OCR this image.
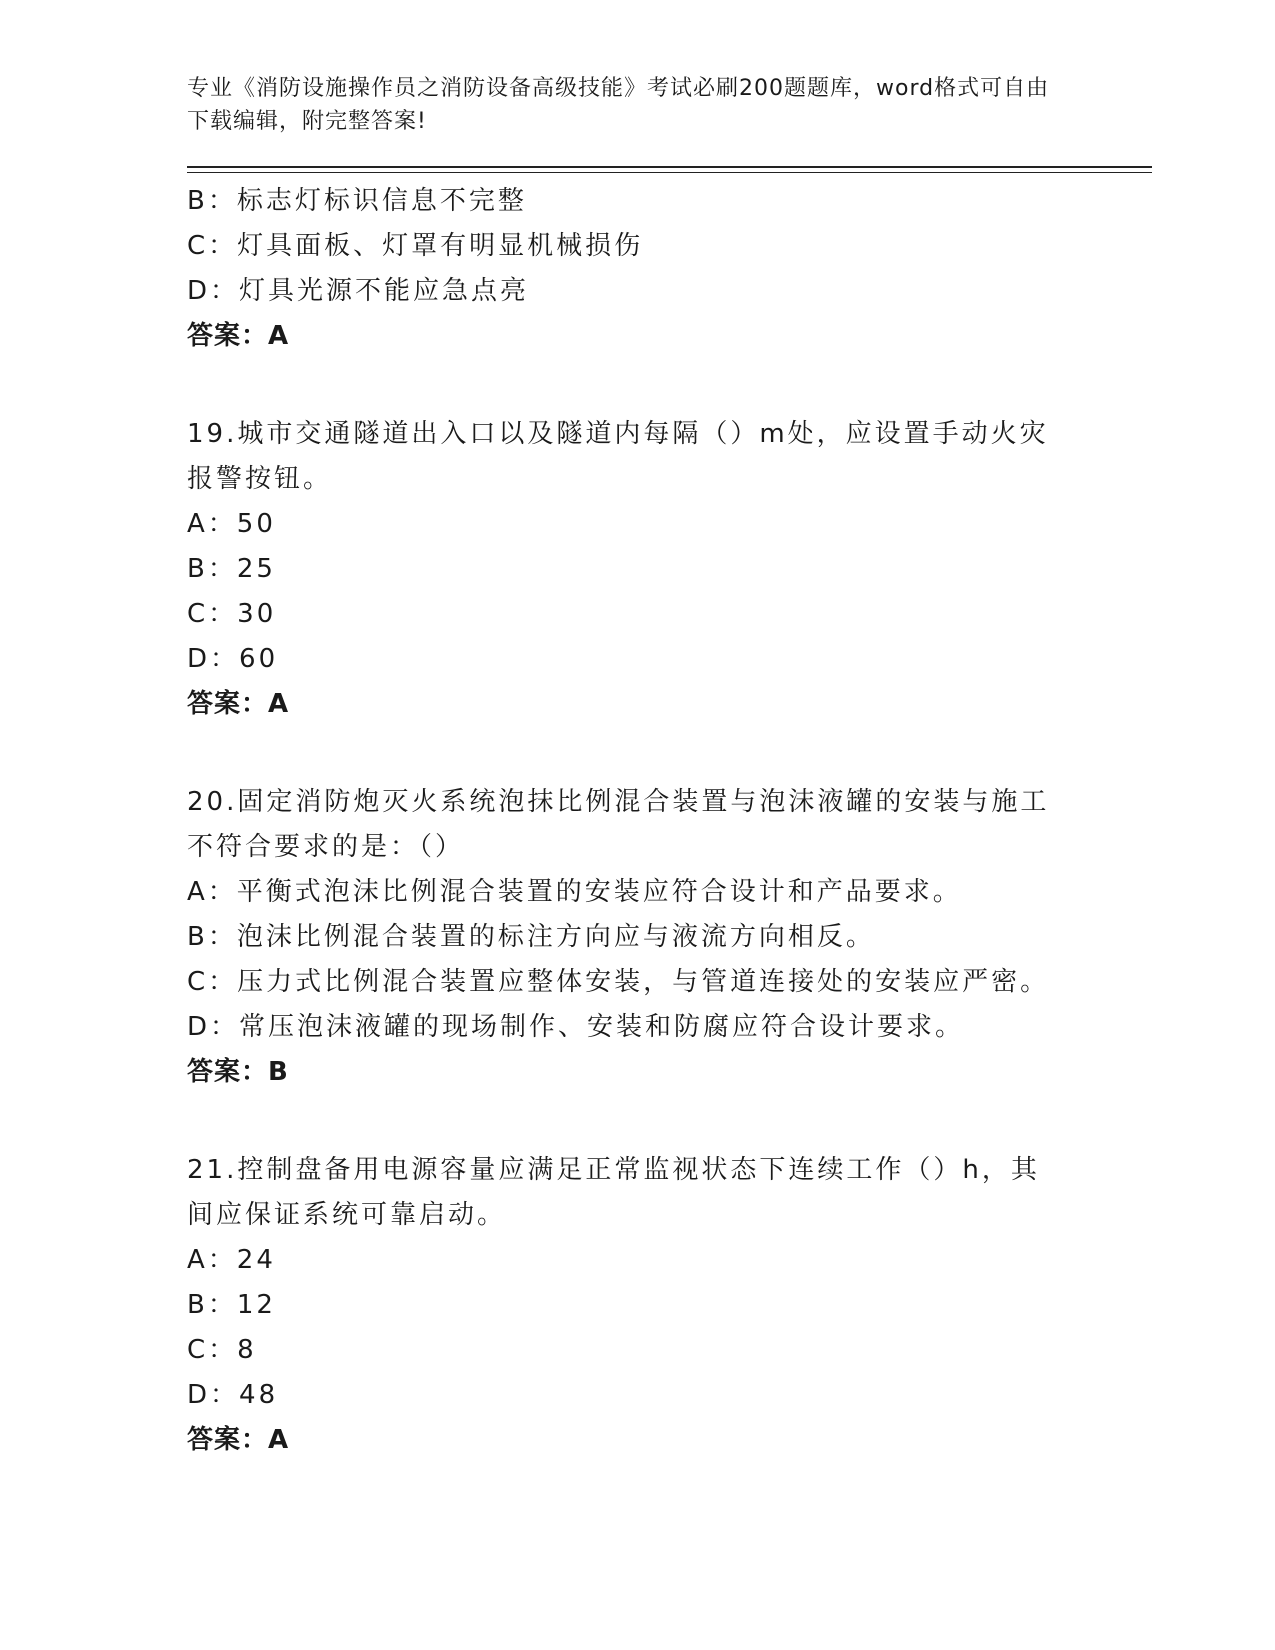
专业《消防设施操作员之消防设备高级技能》考试必刷200题题库，word格式可自由下载编辑，附完整答案!
B：标志灯标识信息不完整
C：灯具面板、灯罩有明显机械损伤
D：灯具光源不能应急点亮
答案：A
19.城市交通隧道出入口以及隧道内每隔（）m处，应设置手动火灾报警按钮。
A：50
B：25
C：30
D：60
答案：A
20.固定消防炮灭火系统泡抹比例混合装置与泡沫液罐的安装与施工不符合要求的是：（）
A：平衡式泡沫比例混合装置的安装应符合设计和产品要求。
B：泡沫比例混合装置的标注方向应与液流方向相反。
C：压力式比例混合装置应整体安装，与管道连接处的安装应严密。
D：常压泡沫液罐的现场制作、安装和防腐应符合设计要求。
答案：B
21.控制盘备用电源容量应满足正常监视状态下连续工作（）h，其间应保证系统可靠启动。
A：24
B：12
C：8
D：48
答案：A
